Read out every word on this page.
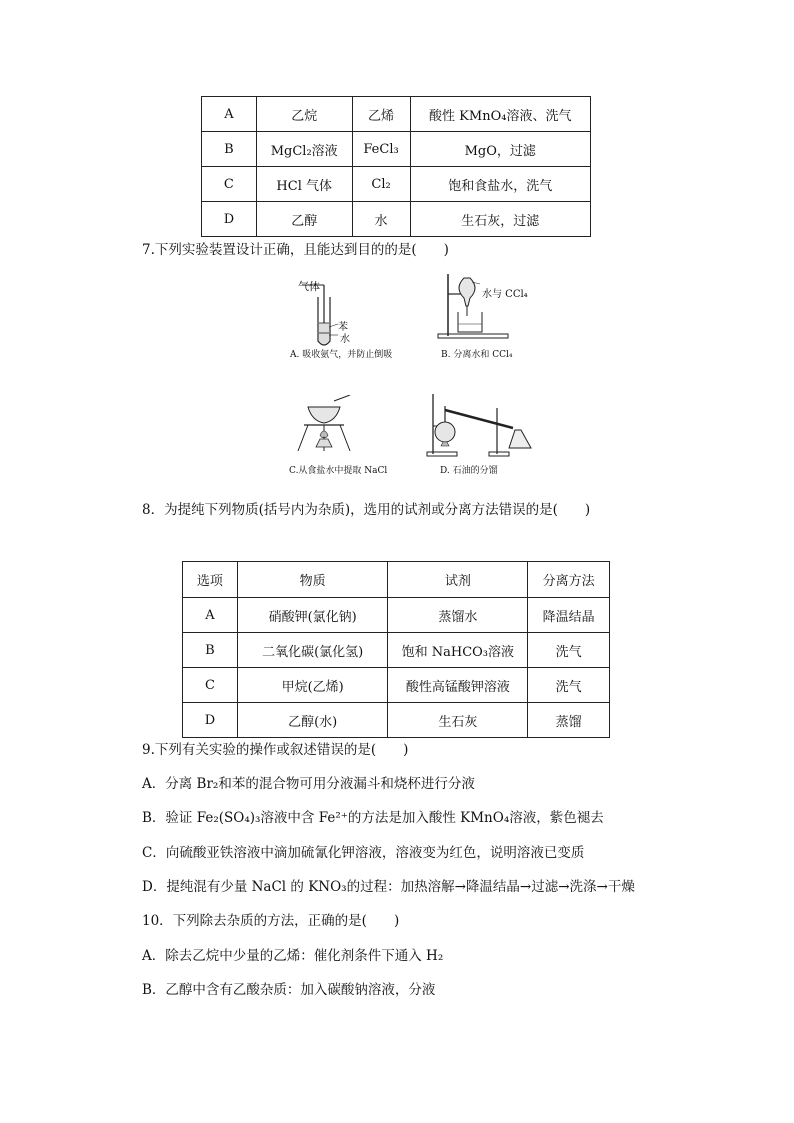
A	乙烷	乙烯	酸性 KMnO₄溶液、洗气
B	MgCl₂溶液	FeCl₃	MgO，过滤
C	HCl 气体	Cl₂	饱和食盐水，洗气
D	乙醇	水	生石灰，过滤
7.下列实验装置设计正确，且能达到目的的是(　　)
气体
苯
水
A. 吸收氨气，并防止倒吸
水与 CCl₄
B. 分离水和 CCl₄
C.从食盐水中提取 NaCl	D. 石油的分馏
8．为提纯下列物质(括号内为杂质)，选用的试剂或分离方法错误的是(　　)
选项	物质	试剂	分离方法
A	硝酸钾(氯化钠)	蒸馏水	降温结晶
B	二氧化碳(氯化氢)	饱和 NaHCO₃溶液	洗气
C	甲烷(乙烯)	酸性高锰酸钾溶液	洗气
D	乙醇(水)	生石灰	蒸馏
9.下列有关实验的操作或叙述错误的是(　　)
A．分离 Br₂和苯的混合物可用分液漏斗和烧杯进行分液
B．验证 Fe₂(SO₄)₃溶液中含 Fe²⁺的方法是加入酸性 KMnO₄溶液，紫色褪去
C．向硫酸亚铁溶液中滴加硫氰化钾溶液，溶液变为红色，说明溶液已变质
D．提纯混有少量 NaCl 的 KNO₃的过程：加热溶解→降温结晶→过滤→洗涤→干燥
10．下列除去杂质的方法，正确的是(　　)
A．除去乙烷中少量的乙烯：催化剂条件下通入 H₂
B．乙醇中含有乙酸杂质：加入碳酸钠溶液，分液
